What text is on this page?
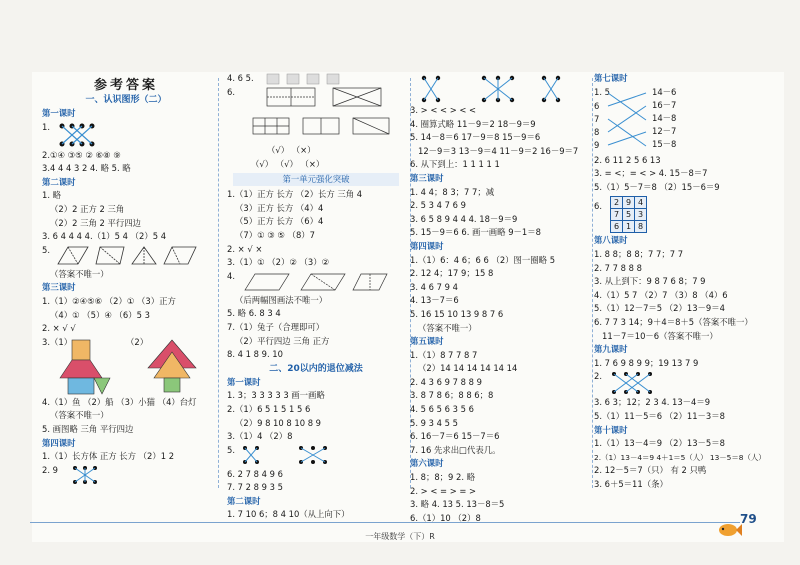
参考答案
一、认识图形（二）
第一课时
1.
2.①④ ③⑤ ② ⑥⑧ ⑨
3.4 4 4 3 2 4. 略 5. 略
第二课时
1. 略
（2）2 正方 2 三角
（2）2 三角 2 平行四边
3. 6 4 4 4 4.（1）5 4 （2）5 4
5.
（答案不唯一）
第三课时
1.（1）②④⑤⑥ （2）① （3）正方
（4）① （5）④ （6）5 3
2. × √ √
3.（1）	（2）
4.（1）鱼 （2）船 （3）小猫 （4）台灯
（答案不唯一）
5. 画图略 三角 平行四边
第四课时
1.（1）长方体 正方 长方 （2）1 2
2. 9
4. 6 5.
6.
（√） （×）
（√） （√） （×）
第一单元强化突破
1.（1）正方 长方 （2）长方 三角 4
（3）正方 长方 （4）4
（5）正方 长方 （6）4
（7）① ③ ⑤ （8）7
2. × √ ×
3.（1）① （2）② （3）②
4.
（后两幅图画法不唯一）
5. 略 6. 8 3 4
7.（1）兔子（合理即可）
（2）平行四边 三角 正方
8. 4 1 8 9. 10
二、20以内的退位减法
第一课时
1. 3；3 3 3 3 3 画一画略
2.（1）6 5 1 5 1 5 6
（2）9 8 10 8 10 8 9
3.（1）4 （2）8
5.
6. 2 7 8 4 9 6
7. 7 2 8 9 3 5
第二课时
1. 7 10 6；8 4 10（从上向下）
3. > < < > < <
4. 圈算式略 11－9＝2 18－9＝9
5. 14－8＝6 17－9＝8 15－9＝6
12－9＝3 13－9＝4 11－9＝2 16－9＝7
6. 从下到上：1 1 1 1 1
第三课时
1. 4 4；8 3；7 7；减
2. 5 3 4 7 6 9
3. 6 5 8 9 4 4 4. 18－9＝9
5. 15－9＝6 6. 画一画略 9－1＝8
第四课时
1.（1）6：4 6；6 6 （2）图一圈略 5
2. 12 4；17 9；15 8
3. 4 6 7 9 4
4. 13－7＝6
5. 16 15 10 13 9 8 7 6
（答案不唯一）
第五课时
1.（1）8 7 7 8 7
（2）14 14 14 14 14 14
2. 4 3 6 9 7 8 8 9
3. 8 7 8 6；8 8 6；8
4. 5 6 5 6 3 5 6
5. 9 3 4 5 5
6. 16－7＝6 15－7＝6
7. 16 先求出□代表几。
第六课时
1. 8；8；9 2. 略
2. > < = > = >
3. 略 4. 13 5. 13－8＝5
6.（1）10 （2）8
第七课时
1. 5
6
7
8
9
14－6
16－7
14－8
12－7
15－8
2. 6 11 2 5 6 13
3. = <；= < > 4. 15－8＝7
5.（1）5－7＝8 （2）15－6＝9
6. 2	9	4
7	5	3
6	1	8
第八课时
1. 8 8；8 8；7 7；7 7
2. 7 7 8 8 8
3. 从上到下：9 8 7 6 8；7 9
4.（1）5 7 （2）7 （3）8 （4）6
5.（1）12－7＝5 （2）13－9＝4
6. 7 7 3 14；9＋4＝8＋5（答案不唯一）
11－7＝10－6（答案不唯一）
第九课时
1. 7 6 9 8 9 9；19 13 7 9
2.
3. 6 3；12；2 3 4. 13－4＝9
5.（1）11－5＝6 （2）11－3＝8
第十课时
1.（1）13－4＝9 （2）13－5＝8
2.（1）13－4＝9 4＋1＝5（人） 13－5＝8（人）
2. 12－5＝7（只） 有 2 只鸭
3. 6＋5＝11（条）
一年级数学（下）R
79
